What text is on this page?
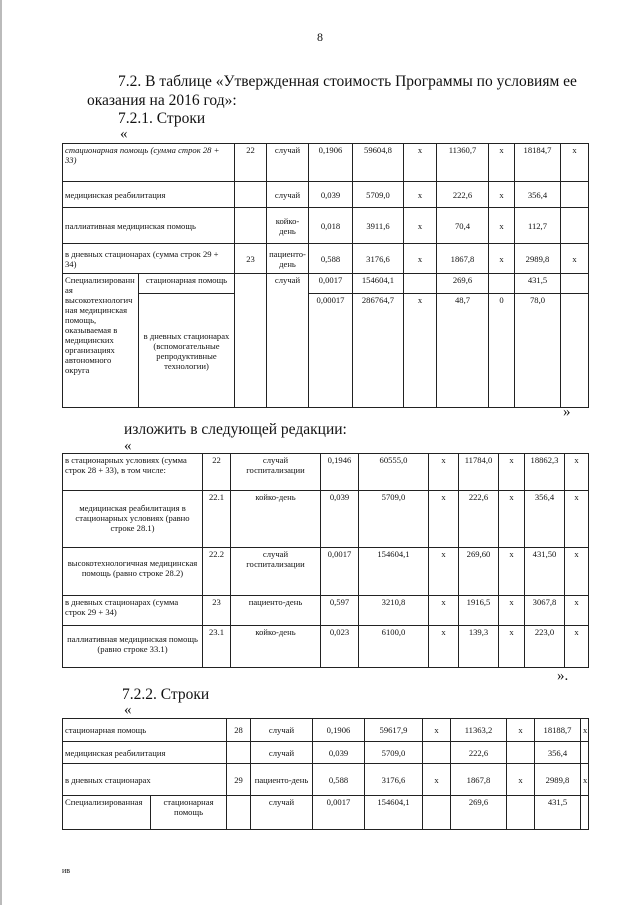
8
7.2. В таблице «Утвержденная стоимость Программы по условиям ее
оказания на 2016 год»:
7.2.1. Строки
«
стационарная помощь (сумма строк 28 + 33)		22	случай	0,1906	59604,8	х	11360,7	х	18184,7	х
медицинская реабилитация			случай	0,039	5709,0	х	222,6	х	356,4	
паллиативная медицинская помощь			койко-день	0,018	3911,6	х	70,4	х	112,7	
в дневных стационарах (сумма строк 29 + 34)		23	пациенто-день	0,588	3176,6	х	1867,8	х	2989,8	х
Специализированная высокотехнологичная медицинская помощь, оказываемая в медицинских организациях автономного округа	стационарная помощь		случай	0,0017	154604,1		269,6		431,5	
	в дневных стационарах (вспомогательные репродуктивные технологии)			0,00017	286764,7	х	48,7	0	78,0	
»
изложить в следующей редакции:
«
в стационарных условиях (сумма строк 28 + 33), в том числе:	22	случай госпитализации	0,1946	60555,0	х	11784,0	х	18862,3	х
медицинская реабилитация в стационарных условиях (равно строке 28.1)	22.1	койко-день	0,039	5709,0	х	222,6	х	356,4	х
высокотехнологичная медицинская помощь (равно строке 28.2)	22.2	случай госпитализации	0,0017	154604,1	х	269,60	х	431,50	х
в дневных стационарах (сумма строк 29 + 34)	23	пациенто-день	0,597	3210,8	х	1916,5	х	3067,8	х
паллиативная медицинская помощь (равно строке 33.1)	23.1	койко-день	0,023	6100,0	х	139,3	х	223,0	х
».
7.2.2. Строки
«
стационарная помощь		28	случай	0,1906	59617,9	х	11363,2	х	18188,7	х
медицинская реабилитация			случай	0,039	5709,0		222,6		356,4	
в дневных стационарах		29	пациенто-день	0,588	3176,6	х	1867,8	х	2989,8	х
Специализированная	стационарная помощь		случай	0,0017	154604,1		269,6		431,5	
ив
